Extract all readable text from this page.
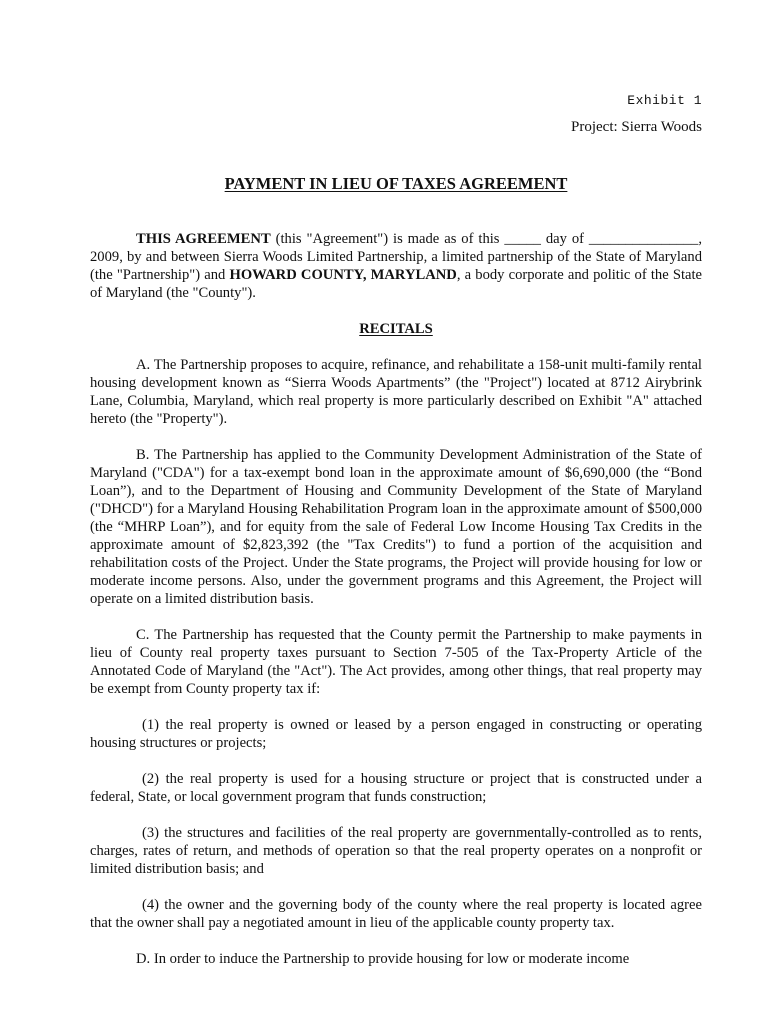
Exhibit 1
Project: Sierra Woods
PAYMENT IN LIEU OF TAXES AGREEMENT

THIS AGREEMENT (this "Agreement") is made as of this _____ day of _______________, 2009, by and between Sierra Woods Limited Partnership, a limited partnership of the State of Maryland (the "Partnership") and HOWARD COUNTY, MARYLAND, a body corporate and politic of the State of Maryland (the "County").

RECITALS

A. The Partnership proposes to acquire, refinance, and rehabilitate a 158-unit multi-family rental housing development known as “Sierra Woods Apartments” (the "Project") located at 8712 Airybrink Lane, Columbia, Maryland, which real property is more particularly described on Exhibit "A" attached hereto (the "Property").

B. The Partnership has applied to the Community Development Administration of the State of Maryland ("CDA") for a tax-exempt bond loan in the approximate amount of $6,690,000 (the “Bond Loan”), and to the Department of Housing and Community Development of the State of Maryland ("DHCD") for a Maryland Housing Rehabilitation Program loan in the approximate amount of $500,000 (the “MHRP Loan”), and for equity from the sale of Federal Low Income Housing Tax Credits in the approximate amount of $2,823,392 (the "Tax Credits") to fund a portion of the acquisition and rehabilitation costs of the Project. Under the State programs, the Project will provide housing for low or moderate income persons. Also, under the government programs and this Agreement, the Project will operate on a limited distribution basis.

C. The Partnership has requested that the County permit the Partnership to make payments in lieu of County real property taxes pursuant to Section 7-505 of the Tax-Property Article of the Annotated Code of Maryland (the "Act"). The Act provides, among other things, that real property may be exempt from County property tax if:

(1) the real property is owned or leased by a person engaged in constructing or operating housing structures or projects;

(2) the real property is used for a housing structure or project that is constructed under a federal, State, or local government program that funds construction;

(3) the structures and facilities of the real property are governmentally-controlled as to rents, charges, rates of return, and methods of operation so that the real property operates on a nonprofit or limited distribution basis; and

(4) the owner and the governing body of the county where the real property is located agree that the owner shall pay a negotiated amount in lieu of the applicable county property tax.

D. In order to induce the Partnership to provide housing for low or moderate income
